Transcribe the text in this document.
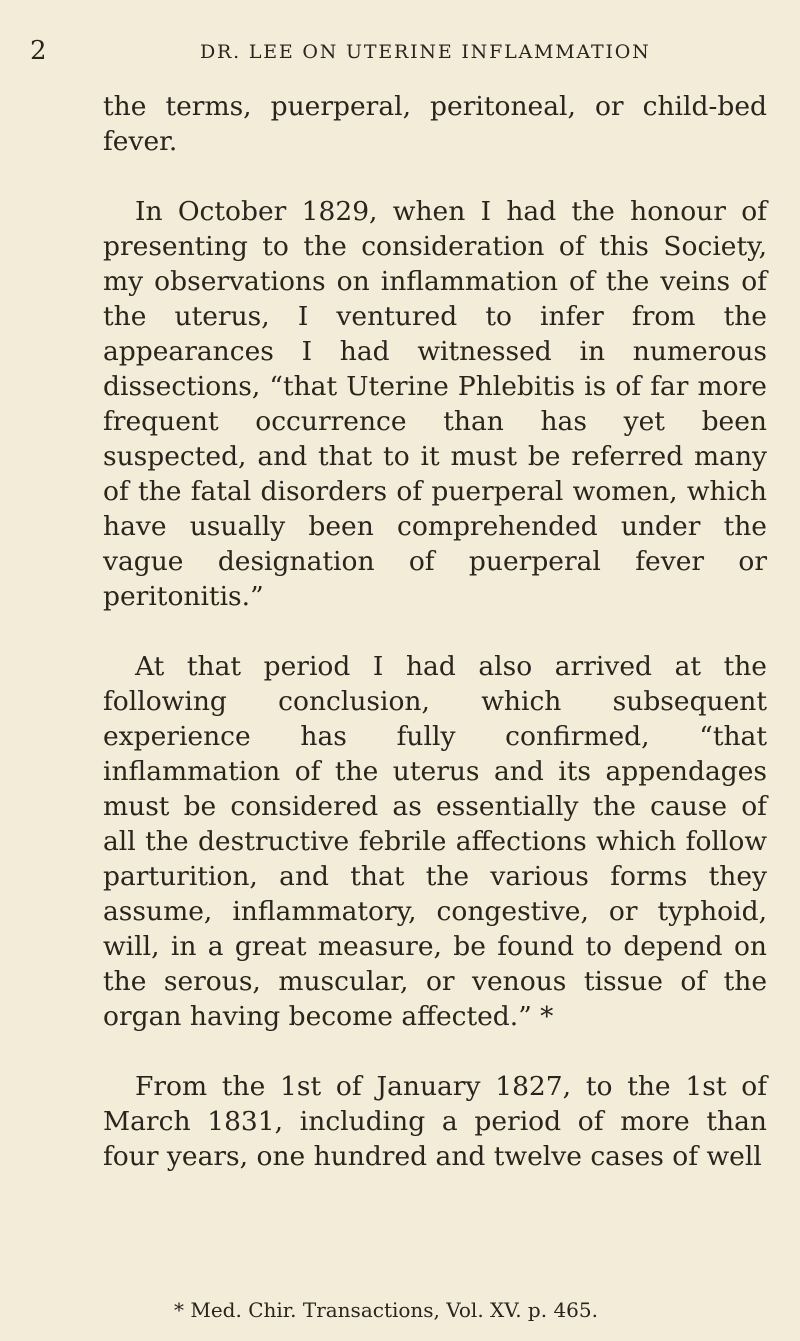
2	DR. LEE ON UTERINE INFLAMMATION

the terms, puerperal, peritoneal, or child-bed fever.

In October 1829, when I had the honour of presenting to the consideration of this Society, my observations on inflammation of the veins of the uterus, I ventured to infer from the appearances I had witnessed in numerous dissections, “that Uterine Phlebitis is of far more frequent occurrence than has yet been suspected, and that to it must be referred many of the fatal disorders of puerperal women, which have usually been comprehended under the vague designation of puerperal fever or peritonitis.”

At that period I had also arrived at the following conclusion, which subsequent experience has fully confirmed, “that inflammation of the uterus and its appendages must be considered as essentially the cause of all the destructive febrile affections which follow parturition, and that the various forms they assume, inflammatory, congestive, or typhoid, will, in a great measure, be found to depend on the serous, muscular, or venous tissue of the organ having become affected.” *

From the 1st of January 1827, to the 1st of March 1831, including a period of more than four years, one hundred and twelve cases of well

* Med. Chir. Transactions, Vol. XV. p. 465.
